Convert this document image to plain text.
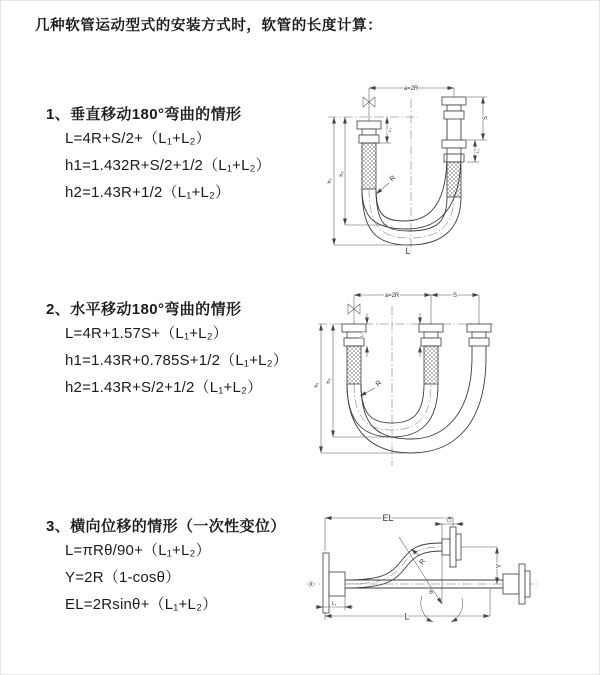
几种软管运动型式的安装方式时，软管的长度计算：
1、垂直移动180°弯曲的情形
L=4R+S/2+（L₁+L₂）
h1=1.432R+S/2+1/2（L₁+L₂）
h2=1.43R+1/2（L₁+L₂）
2、水平移动180°弯曲的情形
L=4R+1.57S+（L₁+L₂）
h1=1.43R+0.785S+1/2（L₁+L₂）
h2=1.43R+S/2+1/2（L₁+L₂）
3、横向位移的情形（一次性变位）
L=πRθ/90+（L₁+L₂）
Y=2R（1-cosθ）
EL=2Rsinθ+（L₁+L₂）
a=2R
h₁
h₂
L₁
S
L₁
R
L
a=2R	S
h₁
h₂
L₁
R
X̄
EL	L₂
θ
R	Y
L₁
L
